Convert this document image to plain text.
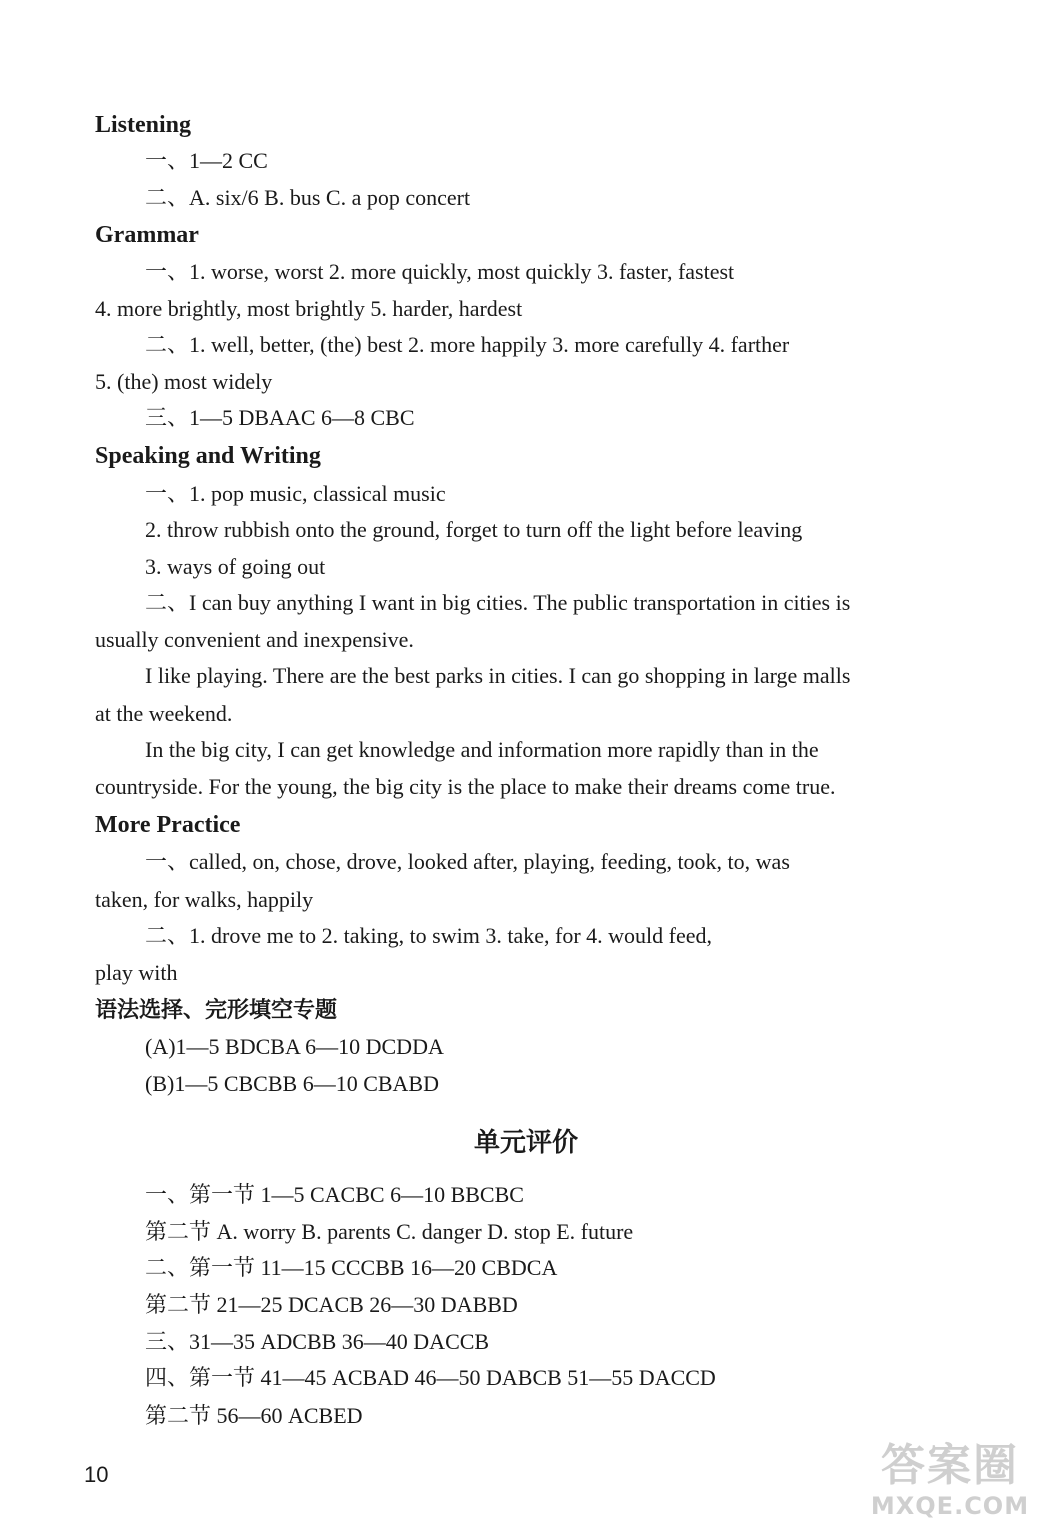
Listening
一、1—2 CC
二、A. six/6 B. bus C. a pop concert
Grammar
一、1. worse, worst 2. more quickly, most quickly 3. faster, fastest
4. more brightly, most brightly 5. harder, hardest
二、1. well, better, (the) best 2. more happily 3. more carefully 4. farther
5. (the) most widely
三、1—5 DBAAC 6—8 CBC
Speaking and Writing
一、1. pop music, classical music
2. throw rubbish onto the ground, forget to turn off the light before leaving
3. ways of going out
二、I can buy anything I want in big cities. The public transportation in cities is
usually convenient and inexpensive.
I like playing. There are the best parks in cities. I can go shopping in large malls
at the weekend.
In the big city, I can get knowledge and information more rapidly than in the
countryside. For the young, the big city is the place to make their dreams come true.
More Practice
一、called, on, chose, drove, looked after, playing, feeding, took, to, was
taken, for walks, happily
二、1. drove me to 2. taking, to swim 3. take, for 4. would feed,
play with
语法选择、完形填空专题
(A)1—5 BDCBA 6—10 DCDDA
(B)1—5 CBCBB 6—10 CBABD
单元评价
一、第一节 1—5 CACBC 6—10 BBCBC
第二节 A. worry B. parents C. danger D. stop E. future
二、第一节 11—15 CCCBB 16—20 CBDCA
第二节 21—25 DCACB 26—30 DABBD
三、31—35 ADCBB 36—40 DACCB
四、第一节 41—45 ACBAD 46—50 DABCB 51—55 DACCD
第二节 56—60 ACBED
10	答案圈
MXQE.COM
